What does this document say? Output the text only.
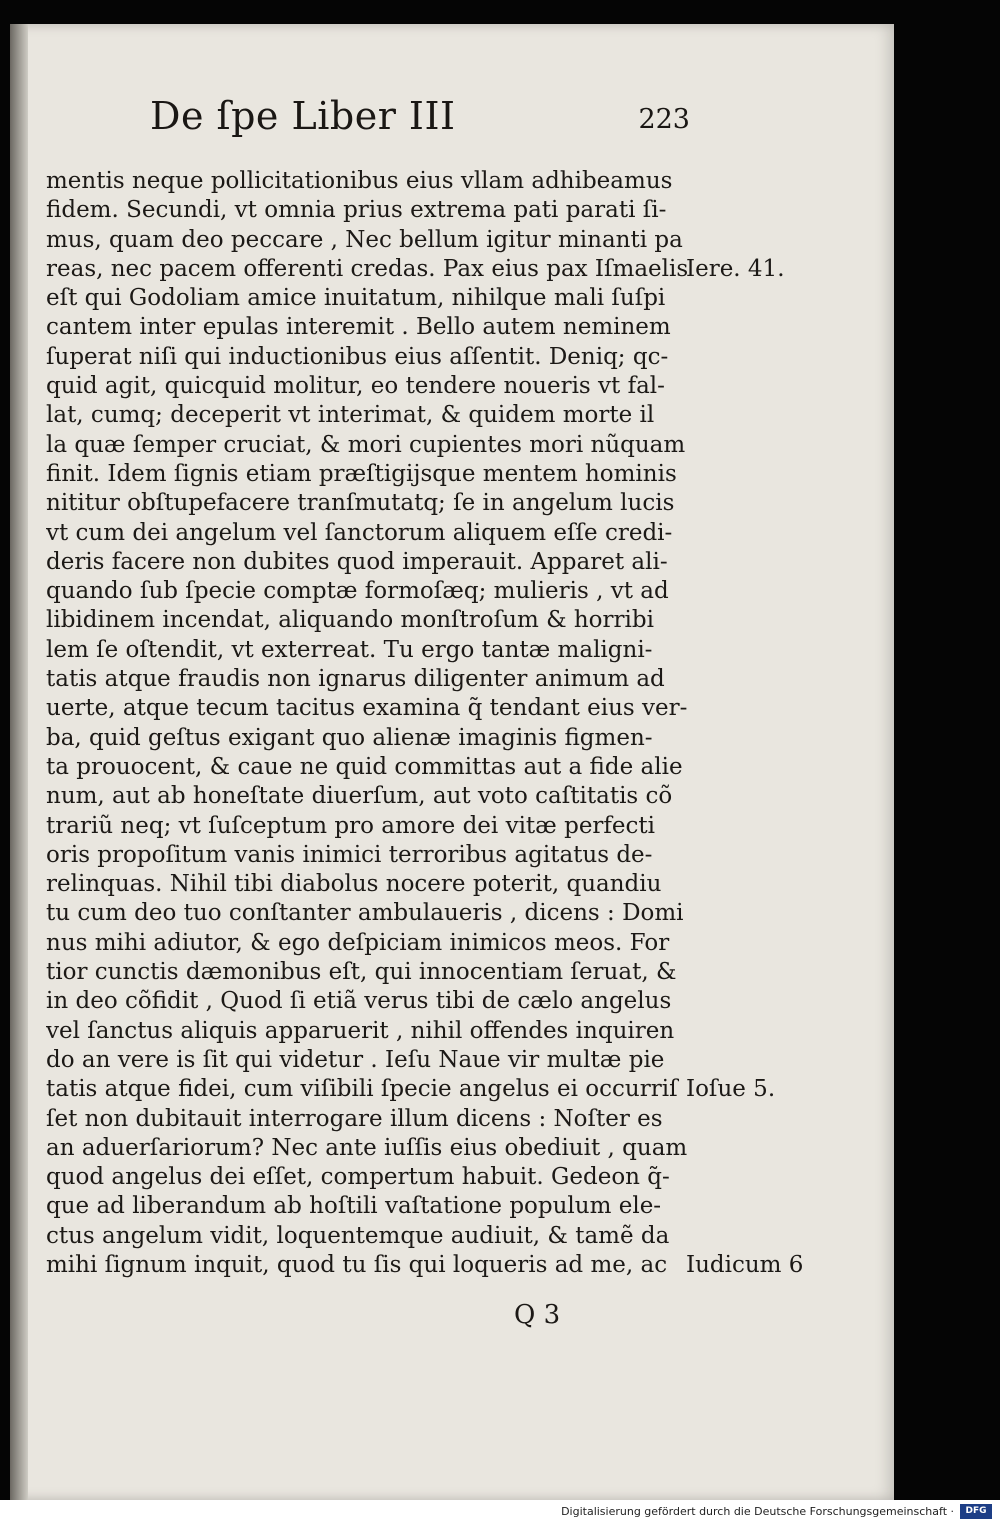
De ſpe Liber III	223
mentis neque pollicitationibus eius vllam adhibeamus
fidem. Secundi, vt omnia prius extrema pati parati ſi-
mus, quam deo peccare , Nec bellum igitur minanti pa
reas, nec pacem offerenti credas. Pax eius pax Iſmaelis
eſt qui Godoliam amice inuitatum, nihilque mali ſuſpi
cantem inter epulas interemit . Bello autem neminem
ſuperat niſi qui inductionibus eius aſſentit. Deniq; qc-
quid agit, quicquid molitur, eo tendere noueris vt fal-
lat, cumq; deceperit vt interimat, & quidem morte il
la quæ ſemper cruciat, & mori cupientes mori nũquam
finit. Idem ſignis etiam præſtigijsque mentem hominis
nititur obſtupefacere tranſmutatq; ſe in angelum lucis
vt cum dei angelum vel ſanctorum aliquem eſſe credi-
deris facere non dubites quod imperauit. Apparet ali-
quando ſub ſpecie comptæ formoſæq; mulieris , vt ad
libidinem incendat, aliquando monſtroſum & horribi
lem ſe oſtendit, vt exterreat. Tu ergo tantæ maligni-
tatis atque fraudis non ignarus diligenter animum ad
uerte, atque tecum tacitus examina q̃ tendant eius ver-
ba, quid geſtus exigant quo alienæ imaginis figmen-
ta prouocent, & caue ne quid committas aut a fide alie
num, aut ab honeſtate diuerſum, aut voto caſtitatis cõ
trariũ neq; vt ſuſceptum pro amore dei vitæ perfecti
oris propoſitum vanis inimici terroribus agitatus de-
relinquas. Nihil tibi diabolus nocere poterit, quandiu
tu cum deo tuo conſtanter ambulaueris , dicens : Domi
nus mihi adiutor, & ego deſpiciam inimicos meos. For
tior cunctis dæmonibus eſt, qui innocentiam ſeruat, &
in deo cõfidit , Quod ſi etiã verus tibi de cælo angelus
vel ſanctus aliquis apparuerit , nihil offendes inquiren
do an vere is ſit qui videtur . Ieſu Naue vir multæ pie
tatis atque fidei, cum viſibili ſpecie angelus ei occurriſ
ſet non dubitauit interrogare illum dicens : Noſter es
an aduerſariorum? Nec ante iuſſis eius obediuit , quam
quod angelus dei eſſet, compertum habuit. Gedeon q̃-
que ad liberandum ab hoſtili vaſtatione populum ele-
ctus angelum vidit, loquentemque audiuit, & tamẽ da
mihi ſignum inquit, quod tu ſis qui loqueris ad me, ac
Iere. 41.
Ioſue 5.
Iudicum 6
Q 3
Digitalisierung gefördert durch die Deutsche Forschungsgemeinschaft ·	DFG
